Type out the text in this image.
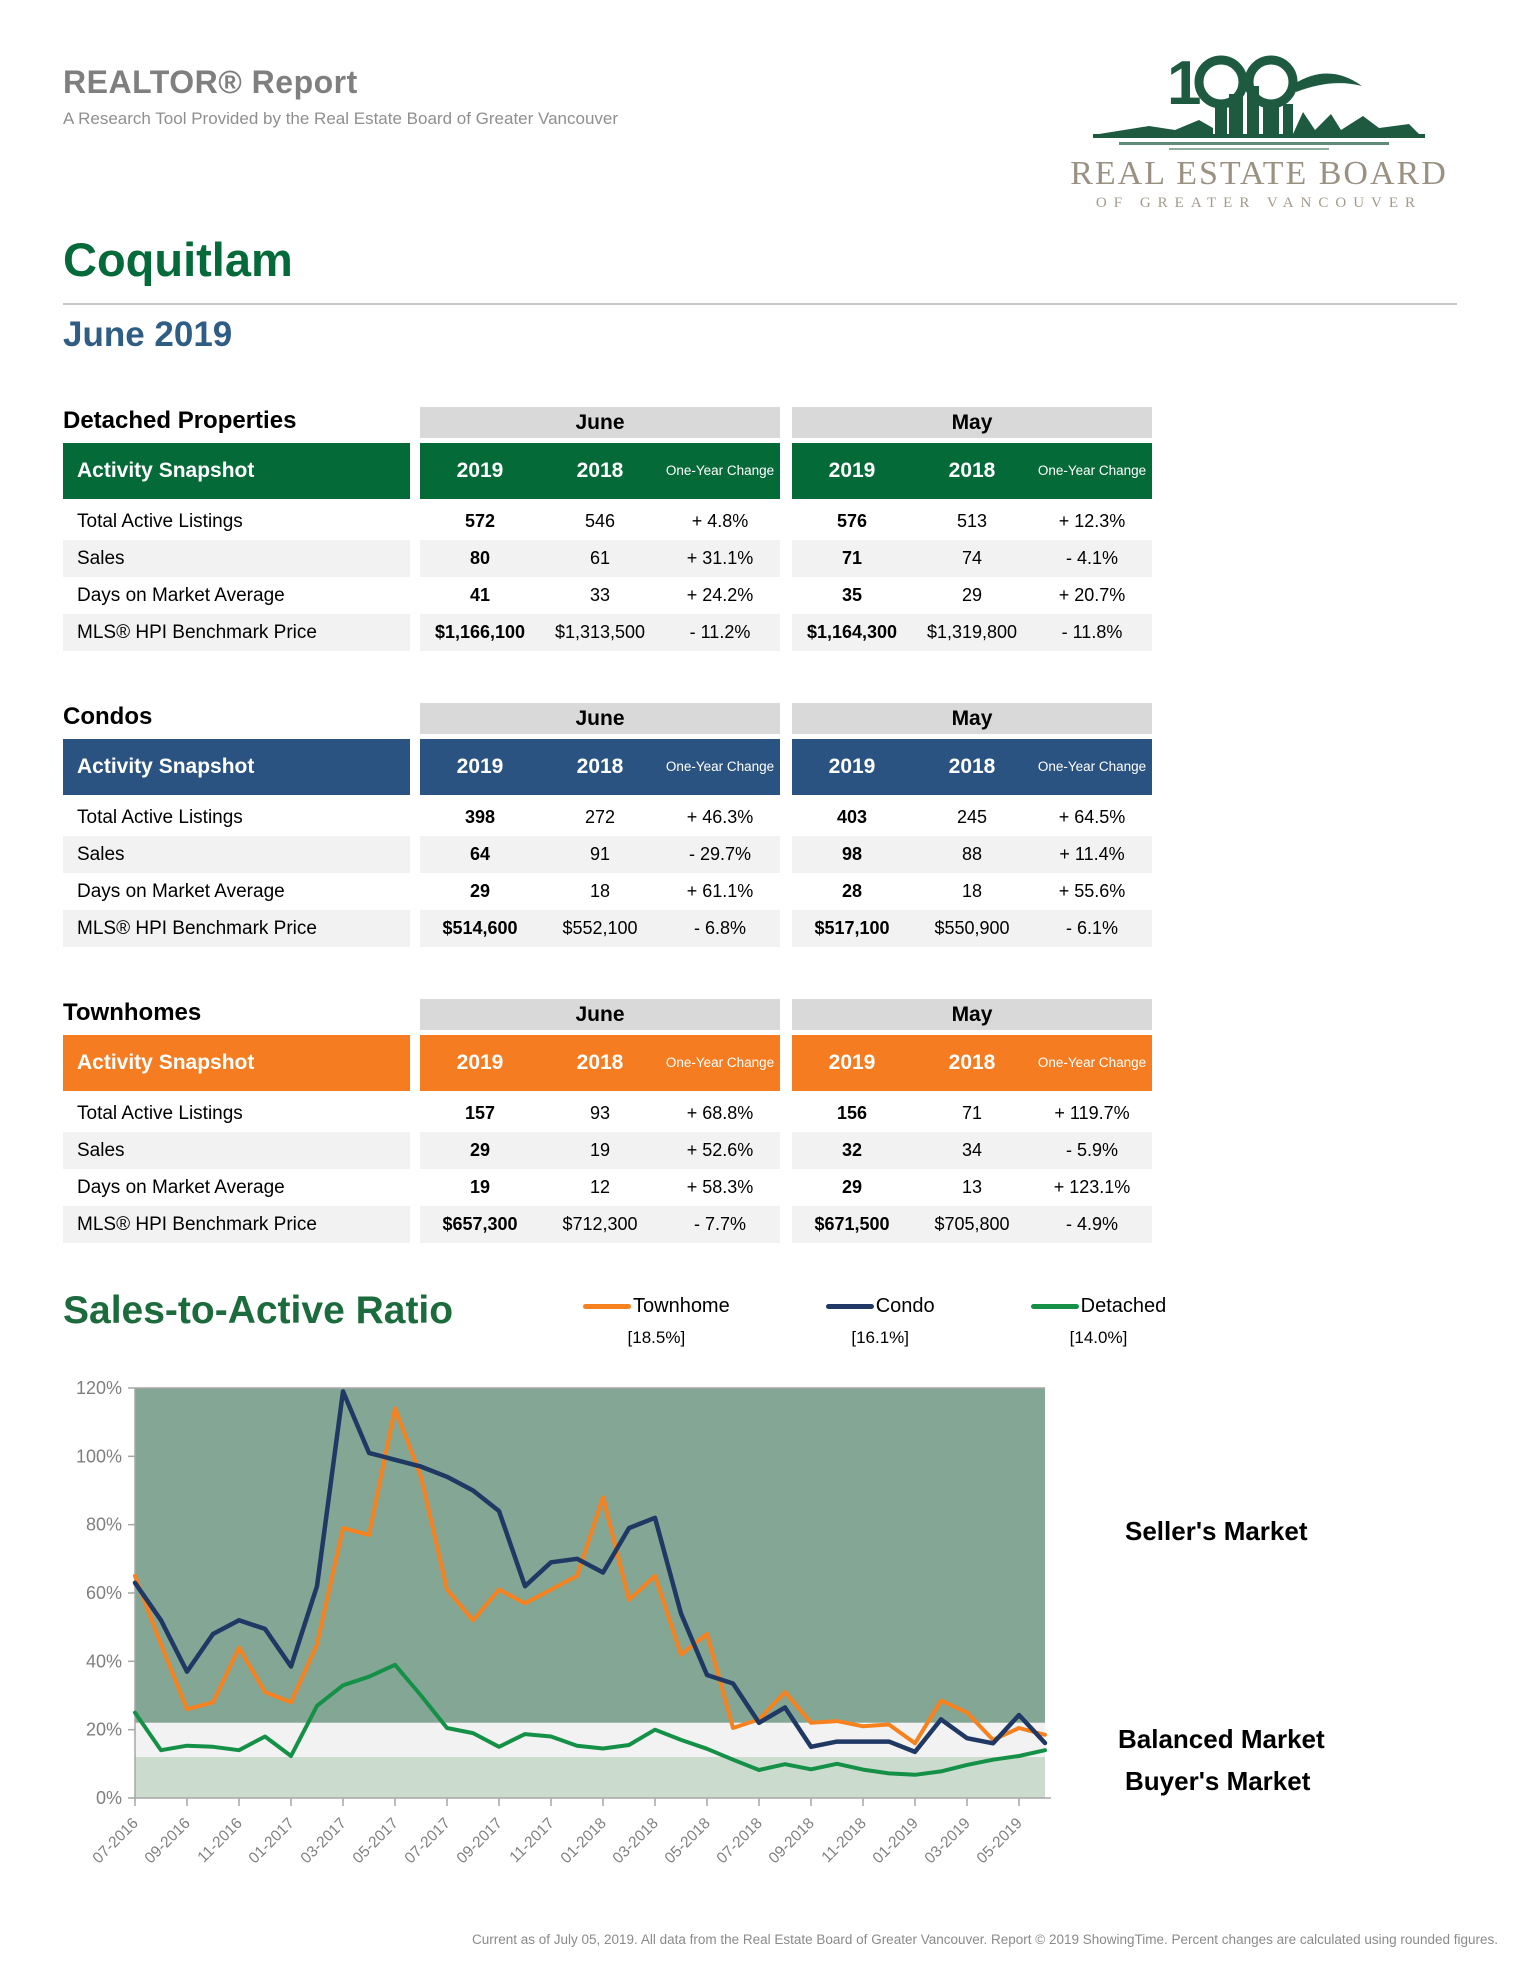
REALTOR® Report
A Research Tool Provided by the Real Estate Board of Greater Vancouver
1
REAL ESTATE BOARD
OF GREATER VANCOUVER
Coquitlam
June 2019
Detached Properties	June	May
Activity Snapshot	2019	2018	One-Year Change	2019	2018	One-Year Change
Total Active Listings	572	546	+ 4.8%	576	513	+ 12.3%
Sales	80	61	+ 31.1%	71	74	- 4.1%
Days on Market Average	41	33	+ 24.2%	35	29	+ 20.7%
MLS® HPI Benchmark Price	$1,166,100	$1,313,500	- 11.2%	$1,164,300	$1,319,800	- 11.8%
Condos	June	May
Activity Snapshot	2019	2018	One-Year Change	2019	2018	One-Year Change
Total Active Listings	398	272	+ 46.3%	403	245	+ 64.5%
Sales	64	91	- 29.7%	98	88	+ 11.4%
Days on Market Average	29	18	+ 61.1%	28	18	+ 55.6%
MLS® HPI Benchmark Price	$514,600	$552,100	- 6.8%	$517,100	$550,900	- 6.1%
Townhomes	June	May
Activity Snapshot	2019	2018	One-Year Change	2019	2018	One-Year Change
Total Active Listings	157	93	+ 68.8%	156	71	+ 119.7%
Sales	29	19	+ 52.6%	32	34	- 5.9%
Days on Market Average	19	12	+ 58.3%	29	13	+ 123.1%
MLS® HPI Benchmark Price	$657,300	$712,300	- 7.7%	$671,500	$705,800	- 4.9%
Sales-to-Active Ratio	Townhome
[18.5%]
Condo
[16.1%]
Detached
[14.0%]
0%
20%
40%
60%
80%
100%
120%
07-2016 09-2016 11-2016 01-2017 03-2017 05-2017 07-2017 09-2017 11-2017 01-2018 03-2018 05-2018 07-2018 09-2018 11-2018 01-2019 03-2019 05-2019
Seller's Market
Balanced Market
Buyer's Market
Current as of July 05, 2019. All data from the Real Estate Board of Greater Vancouver. Report © 2019 ShowingTime. Percent changes are calculated using rounded figures.
